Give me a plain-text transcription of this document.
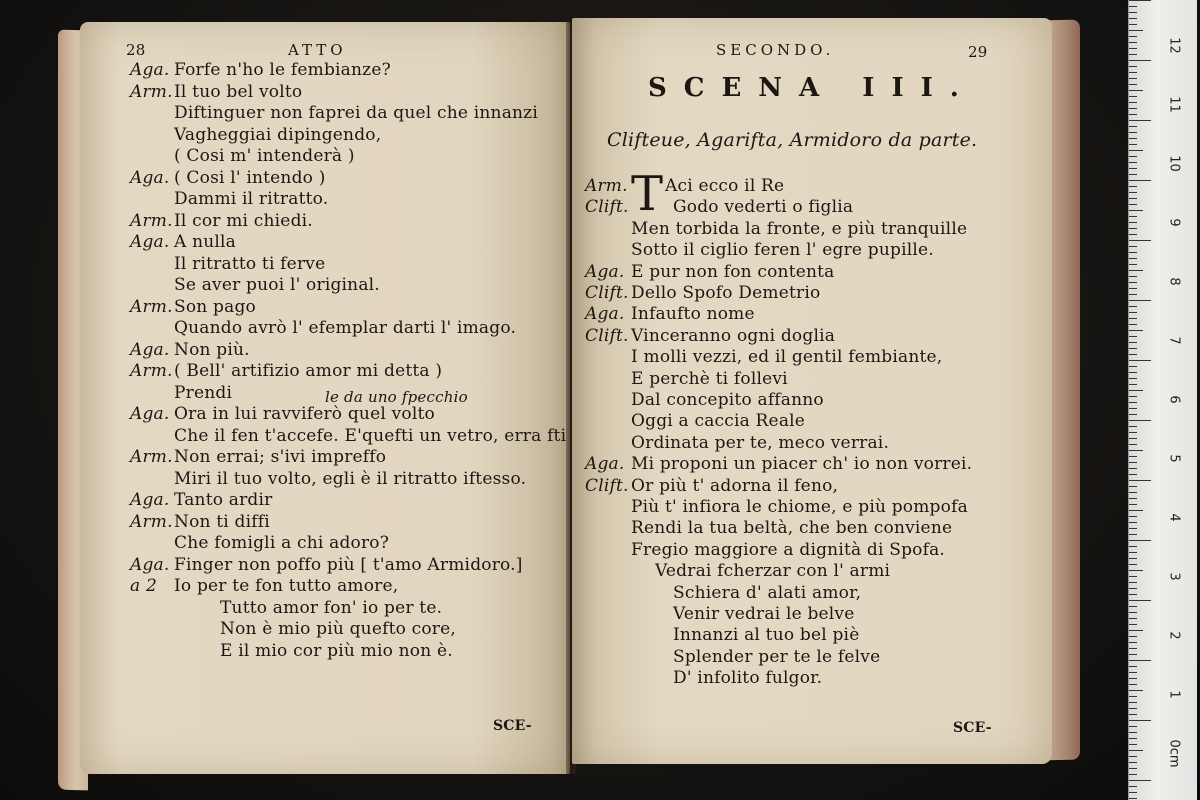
28	ATTO
Aga. Forfe n'ho le fembianze?
Arm. Il tuo bel volto
Diftinguer non faprei da quel che innanzi
Vagheggiai dipingendo,
( Cosi m' intenderà )
Aga. ( Cosi l' intendo )
Dammi il ritratto.
Arm. Il cor mi chiedi.
Aga. A nulla
Il ritratto ti ferve
Se aver puoi l' original.
Arm. Son pago
Quando avrò l' efemplar darti l' imago.
Aga. Non più.
Arm. ( Bell' artifizio amor mi detta )
Prendi
Aga. Ora in lui ravviferò quel volto
Che il fen t'accefe. E'quefti un vetro, erra fti
Arm. Non errai; s'ivi impreffo
Miri il tuo volto, egli è il ritratto iftesso.
Aga. Tanto ardir
Arm. Non ti diffi
Che fomigli a chi adoro?
Aga. Finger non poffo più [ t'amo Armidoro.]
a 2 Io per te fon tutto amore,
Tutto amor fon' io per te.
Non è mio più quefto core,
E il mio cor più mio non è.
le da uno fpecchio
SCE-
SECONDO.	29
SCENA III.
Clifteue, Agarifta, Armidoro da parte.
T
Arm. Aci ecco il Re
Clift.	Godo vederti o figlia
Men torbida la fronte, e più tranquille
Sotto il ciglio feren l' egre pupille.
Aga. E pur non fon contenta
Clift. Dello Spofo Demetrio
Aga. Infaufto nome
Clift. Vinceranno ogni doglia
I molli vezzi, ed il gentil fembiante,
E perchè ti follevi
Dal concepito affanno
Oggi a caccia Reale
Ordinata per te, meco verrai.
Aga. Mi proponi un piacer ch' io non vorrei.
Clift. Or più t' adorna il feno,
Più t' infiora le chiome, e più pompofa
Rendi la tua beltà, che ben conviene
Fregio maggiore a dignità di Spofa.
Vedrai fcherzar con l' armi
Schiera d' alati amor,
Venir vedrai le belve
Innanzi al tuo bel piè
Splender per te le felve
D' infolito fulgor.
SCE-
12
11
10
9
8
7
6
5
4
3
2
1
0cm
